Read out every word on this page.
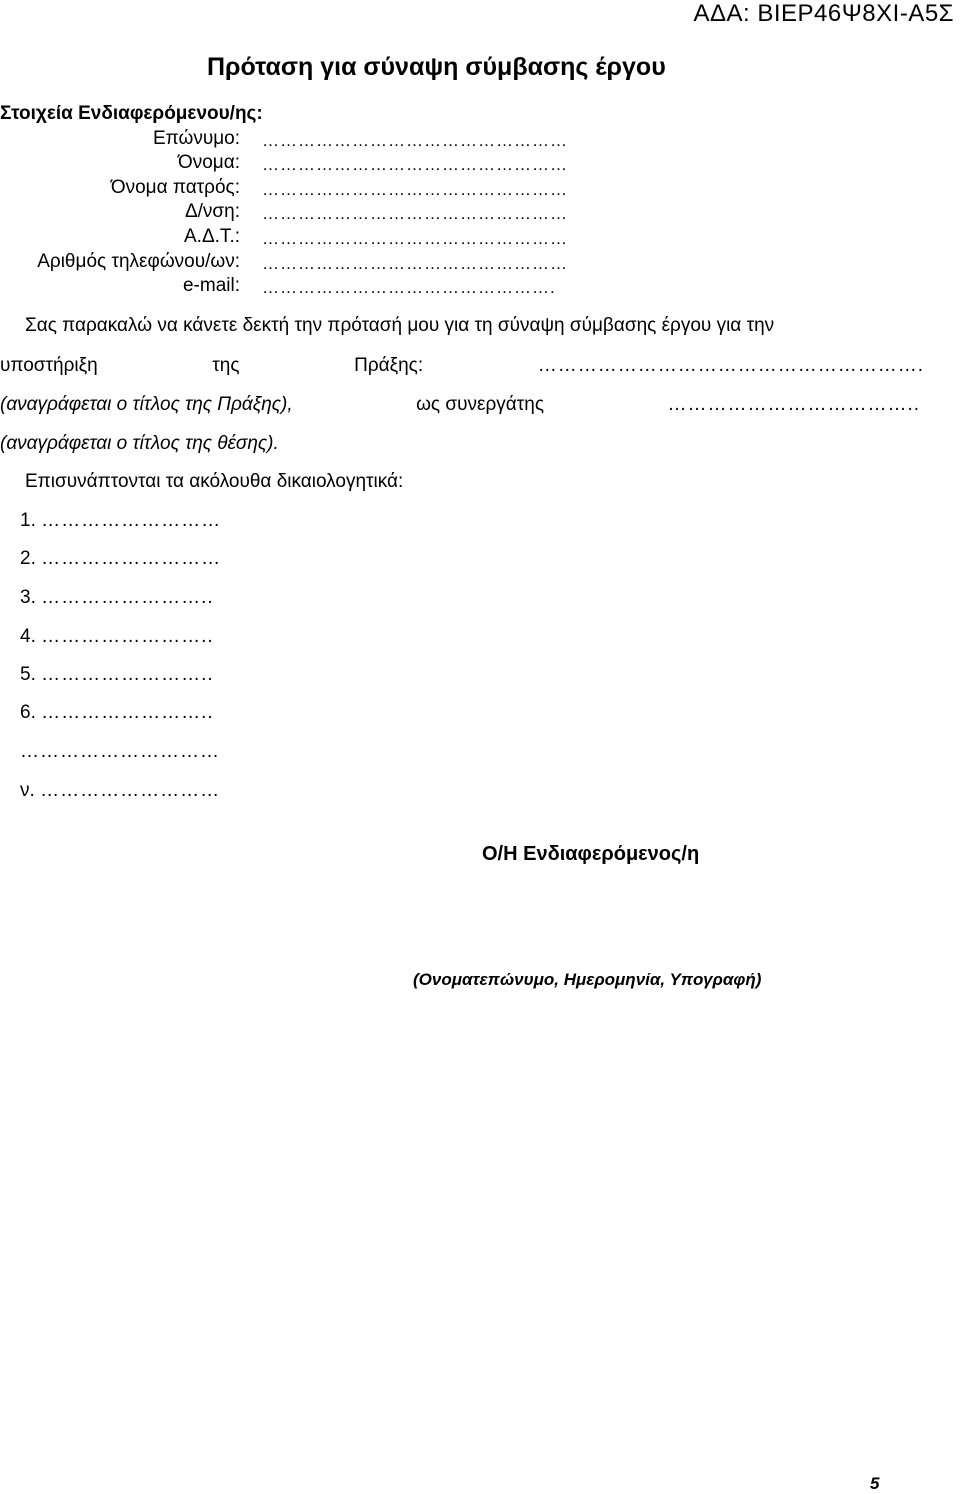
ΑΔΑ: ΒΙΕΡ46Ψ8ΧΙ-Α5Σ
Πρόταση για σύναψη σύμβασης έργου
Στοιχεία Ενδιαφερόμενου/ης:
Επώνυμο: ……………………………………………
Όνομα: ……………………………………………
Όνομα πατρός: ……………………………………………
Δ/νση: ……………………………………………
Α.Δ.Τ.: ……………………………………………
Αριθμός τηλεφώνου/ων: ……………………………………………
e-mail: ………………………………………….
Σας παρακαλώ να κάνετε δεκτή την πρότασή μου για τη σύναψη σύμβασης έργου για την
υποστήριξη	της	Πράξης:	………………………………………………….
(αναγράφεται ο τίτλος της Πράξης),	ως συνεργάτης	………………………………..
(αναγράφεται ο τίτλος της θέσης).
Επισυνάπτονται τα ακόλουθα δικαιολογητικά:
1. ………………………
2. ………………………
3. ……………………..
4. ……………………..
5. ……………………..
6. ……………………..
…………………………
ν. ………………………
Ο/Η Ενδιαφερόμενος/η
(Ονοματεπώνυμο, Ημερομηνία, Υπογραφή)
5
